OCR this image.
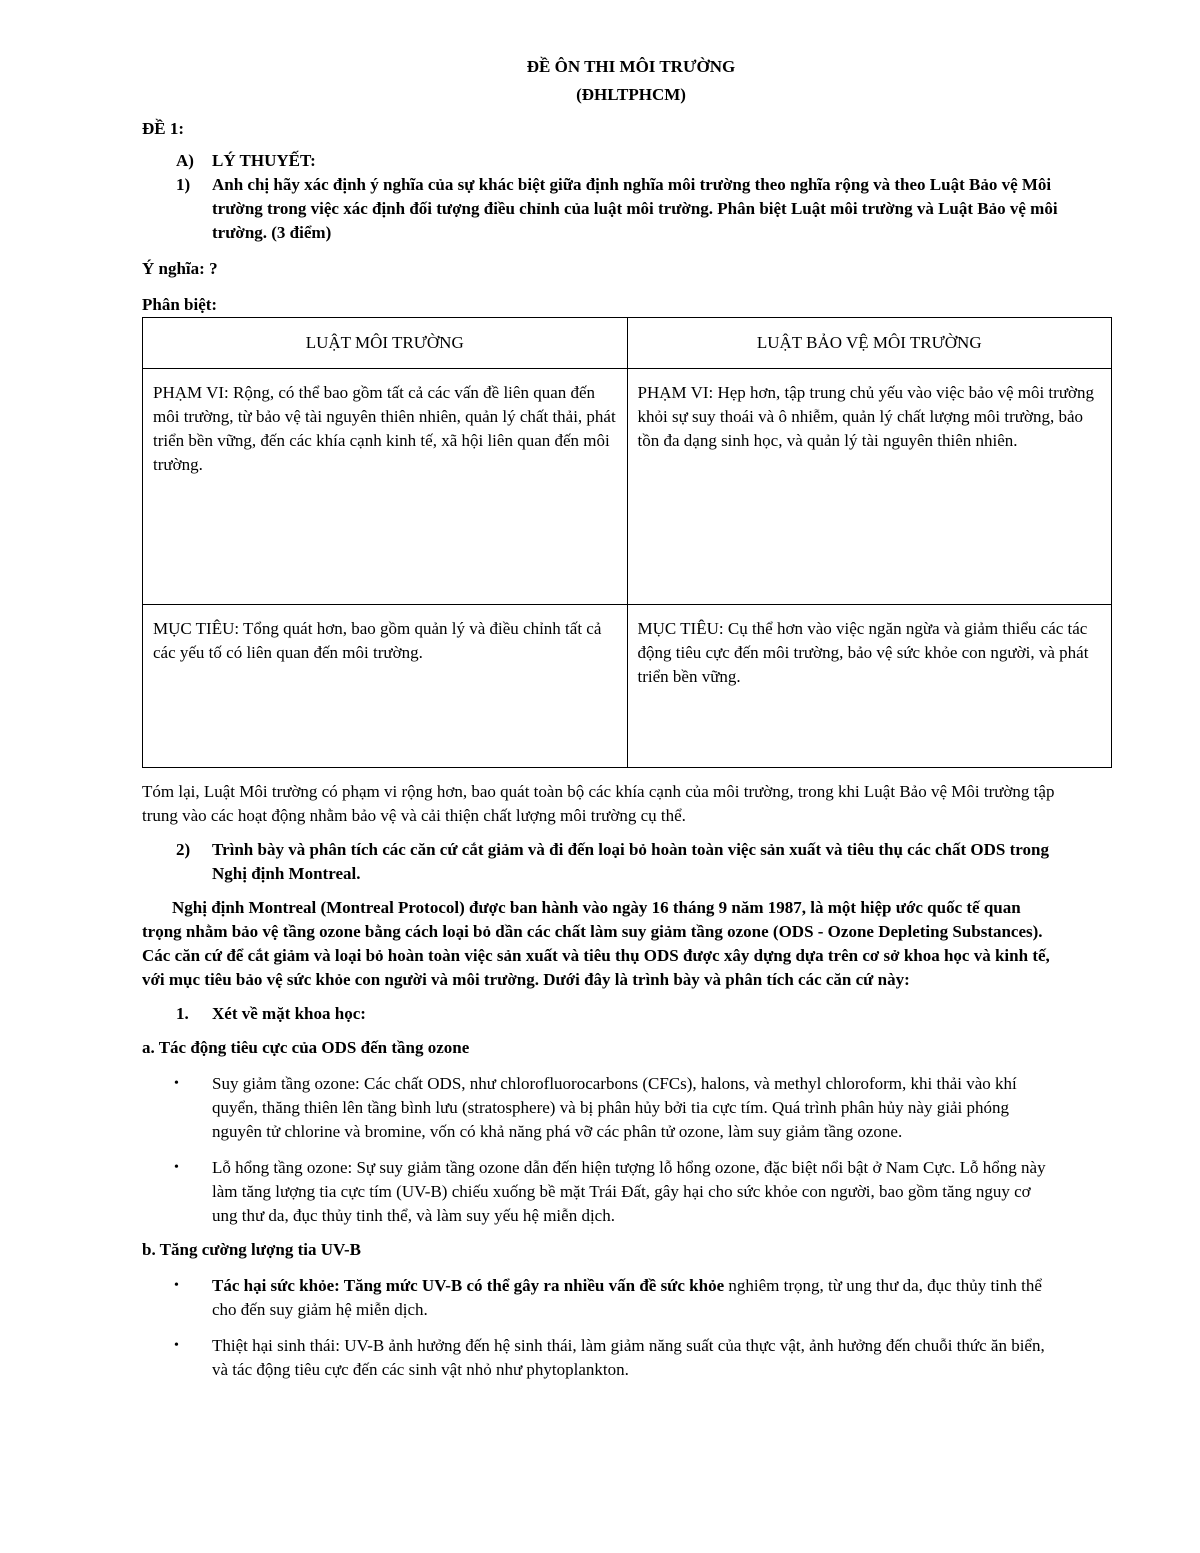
ĐỀ ÔN THI MÔI TRƯỜNG
(ĐHLTPHCM)
ĐỀ 1:
A)	LÝ THUYẾT:
1)	Anh chị hãy xác định ý nghĩa của sự khác biệt giữa định nghĩa môi trường theo nghĩa rộng và theo Luật Bảo vệ Môi trường trong việc xác định đối tượng điều chỉnh của luật môi trường. Phân biệt Luật môi trường và Luật Bảo vệ môi trường. (3 điểm)
Ý nghĩa: ?
Phân biệt:
LUẬT MÔI TRƯỜNG	LUẬT BẢO VỆ MÔI TRƯỜNG
PHẠM VI: Rộng, có thể bao gồm tất cả các vấn đề liên quan đến môi trường, từ bảo vệ tài nguyên thiên nhiên, quản lý chất thải, phát triển bền vững, đến các khía cạnh kinh tế, xã hội liên quan đến môi trường.	PHẠM VI: Hẹp hơn, tập trung chủ yếu vào việc bảo vệ môi trường khỏi sự suy thoái và ô nhiễm, quản lý chất lượng môi trường, bảo tồn đa dạng sinh học, và quản lý tài nguyên thiên nhiên.
MỤC TIÊU: Tổng quát hơn, bao gồm quản lý và điều chỉnh tất cả các yếu tố có liên quan đến môi trường.	MỤC TIÊU: Cụ thể hơn vào việc ngăn ngừa và giảm thiểu các tác động tiêu cực đến môi trường, bảo vệ sức khỏe con người, và phát triển bền vững.
Tóm lại, Luật Môi trường có phạm vi rộng hơn, bao quát toàn bộ các khía cạnh của môi trường, trong khi Luật Bảo vệ Môi trường tập trung vào các hoạt động nhằm bảo vệ và cải thiện chất lượng môi trường cụ thể.
2)	Trình bày và phân tích các căn cứ cắt giảm và đi đến loại bỏ hoàn toàn việc sản xuất và tiêu thụ các chất ODS trong Nghị định Montreal.
Nghị định Montreal (Montreal Protocol) được ban hành vào ngày 16 tháng 9 năm 1987, là một hiệp ước quốc tế quan trọng nhằm bảo vệ tầng ozone bằng cách loại bỏ dần các chất làm suy giảm tầng ozone (ODS - Ozone Depleting Substances). Các căn cứ để cắt giảm và loại bỏ hoàn toàn việc sản xuất và tiêu thụ ODS được xây dựng dựa trên cơ sở khoa học và kinh tế, với mục tiêu bảo vệ sức khỏe con người và môi trường. Dưới đây là trình bày và phân tích các căn cứ này:
1.	Xét về mặt khoa học:
a. Tác động tiêu cực của ODS đến tầng ozone
•	Suy giảm tầng ozone: Các chất ODS, như chlorofluorocarbons (CFCs), halons, và methyl chloroform, khi thải vào khí quyển, thăng thiên lên tầng bình lưu (stratosphere) và bị phân hủy bởi tia cực tím. Quá trình phân hủy này giải phóng nguyên tử chlorine và bromine, vốn có khả năng phá vỡ các phân tử ozone, làm suy giảm tầng ozone.
•	Lỗ hổng tầng ozone: Sự suy giảm tầng ozone dẫn đến hiện tượng lỗ hổng ozone, đặc biệt nổi bật ở Nam Cực. Lỗ hổng này làm tăng lượng tia cực tím (UV-B) chiếu xuống bề mặt Trái Đất, gây hại cho sức khỏe con người, bao gồm tăng nguy cơ ung thư da, đục thủy tinh thể, và làm suy yếu hệ miễn dịch.
b. Tăng cường lượng tia UV-B
•	Tác hại sức khỏe: Tăng mức UV-B có thể gây ra nhiều vấn đề sức khỏe nghiêm trọng, từ ung thư da, đục thủy tinh thể cho đến suy giảm hệ miễn dịch.
•	Thiệt hại sinh thái: UV-B ảnh hưởng đến hệ sinh thái, làm giảm năng suất của thực vật, ảnh hưởng đến chuỗi thức ăn biển, và tác động tiêu cực đến các sinh vật nhỏ như phytoplankton.
